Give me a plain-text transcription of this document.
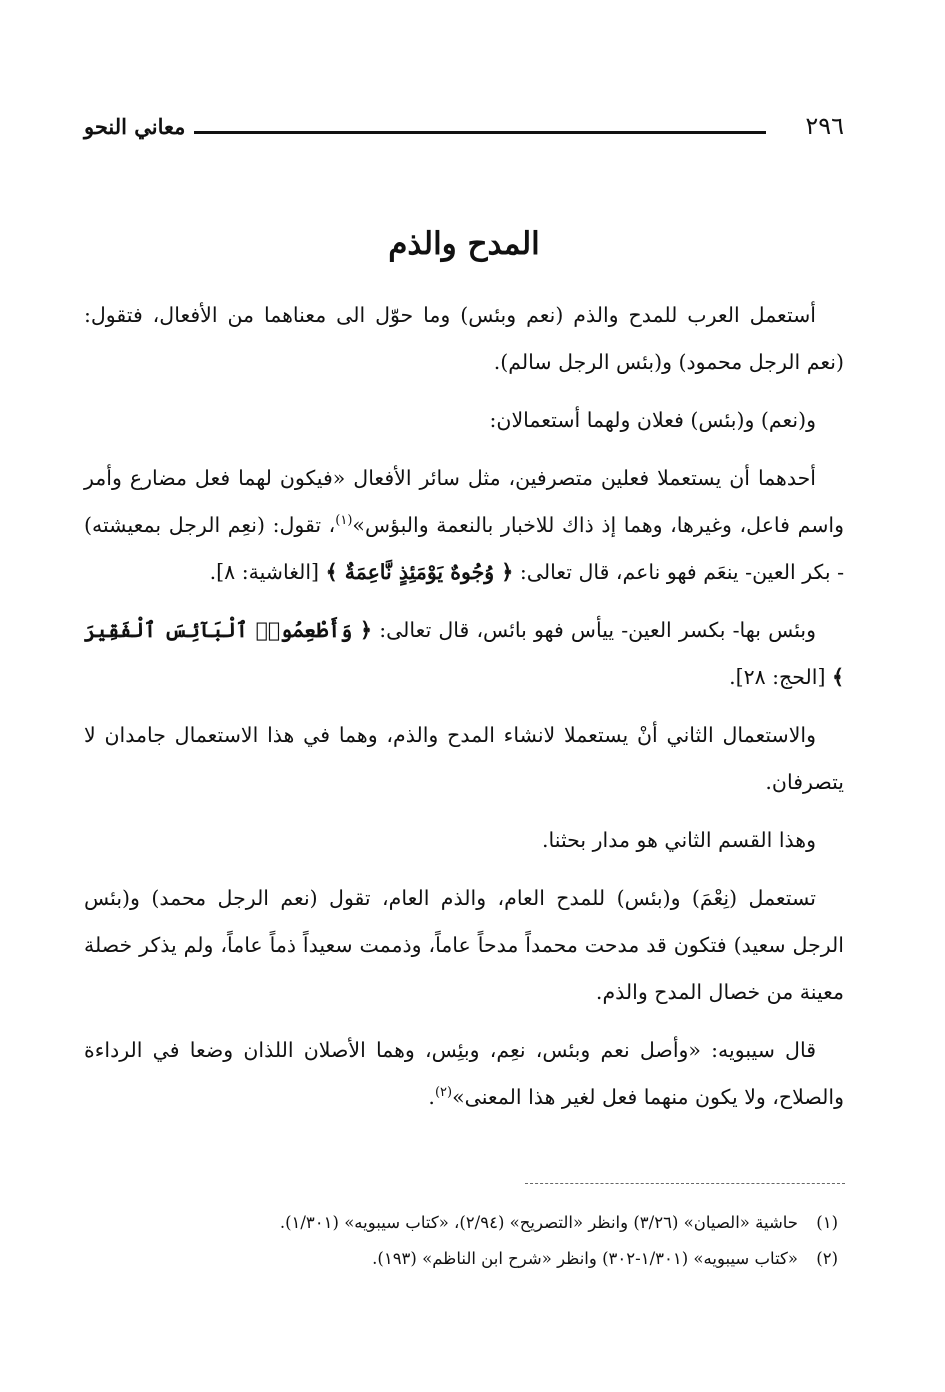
٢٩٦
معاني النحو
المدح والذم

أستعمل العرب للمدح والذم (نعم وبئس) وما حوّل الى معناهما من الأفعال، فتقول: (نعم الرجل محمود) و(بئس الرجل سالم).

و(نعم) و(بئس) فعلان ولهما أستعمالان:

أحدهما أن يستعملا فعلين متصرفين، مثل سائر الأفعال «فيكون لهما فعل مضارع وأمر واسم فاعل، وغيرها، وهما إذ ذاك للاخبار بالنعمة والبؤس»$^{(١)}$، تقول: (نعِم الرجل بمعيشته) - بكر العين- ينعَم فهو ناعم، قال تعالى: ﴿ وُجُوهٌ يَوْمَئِذٍ نَّاعِمَةٌ ﴾ [الغاشية: ٨].

وبئس بها- بكسر العين- ييأس فهو بائس، قال تعالى: ﴿ وَأَطْعِمُوا۟ ٱلْبَآئِسَ ٱلْفَقِيرَ ﴾ [الحج: ٢٨].

والاستعمال الثاني أنْ يستعملا لانشاء المدح والذم، وهما في هذا الاستعمال جامدان لا يتصرفان.

وهذا القسم الثاني هو مدار بحثنا.

تستعمل (نِعْمَ) و(بئس) للمدح العام، والذم العام، تقول (نعم الرجل محمد) و(بئس الرجل سعيد) فتكون قد مدحت محمداً مدحاً عاماً، وذممت سعيداً ذماً عاماً، ولم يذكر خصلة معينة من خصال المدح والذم.

قال سيبويه: «وأصل نعم وبئس، نعِم، وبئِس، وهما الأصلان اللذان وضعا في الرداءة والصلاح، ولا يكون منهما فعل لغير هذا المعنى»$^{(٢)}$.

(١)حاشية «الصيان» (٣/٢٦) وانظر «التصريح» (٢/٩٤)، «كتاب سيبويه» (١/٣٠١).

(٢)«كتاب سيبويه» (١/٣٠١-٣٠٢) وانظر «شرح ابن الناظم» (١٩٣).
